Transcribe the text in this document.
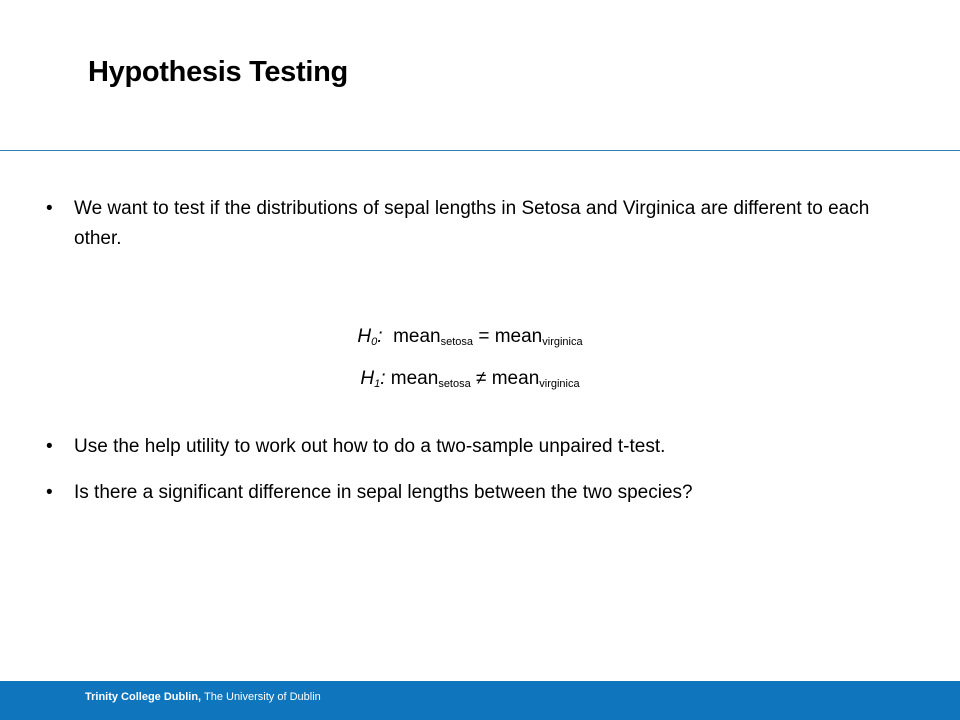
Hypothesis Testing
• We want to test if the distributions of sepal lengths in Setosa and Virginica are different to each other.
$H_0$: mean$_{setosa}$ = mean$_{virginica}$
$H_1$: mean$_{setosa}$ ≠ mean$_{virginica}$
• Use the help utility to work out how to do a two-sample unpaired t-test.
• Is there a significant difference in sepal lengths between the two species?
Trinity College Dublin, The University of Dublin
